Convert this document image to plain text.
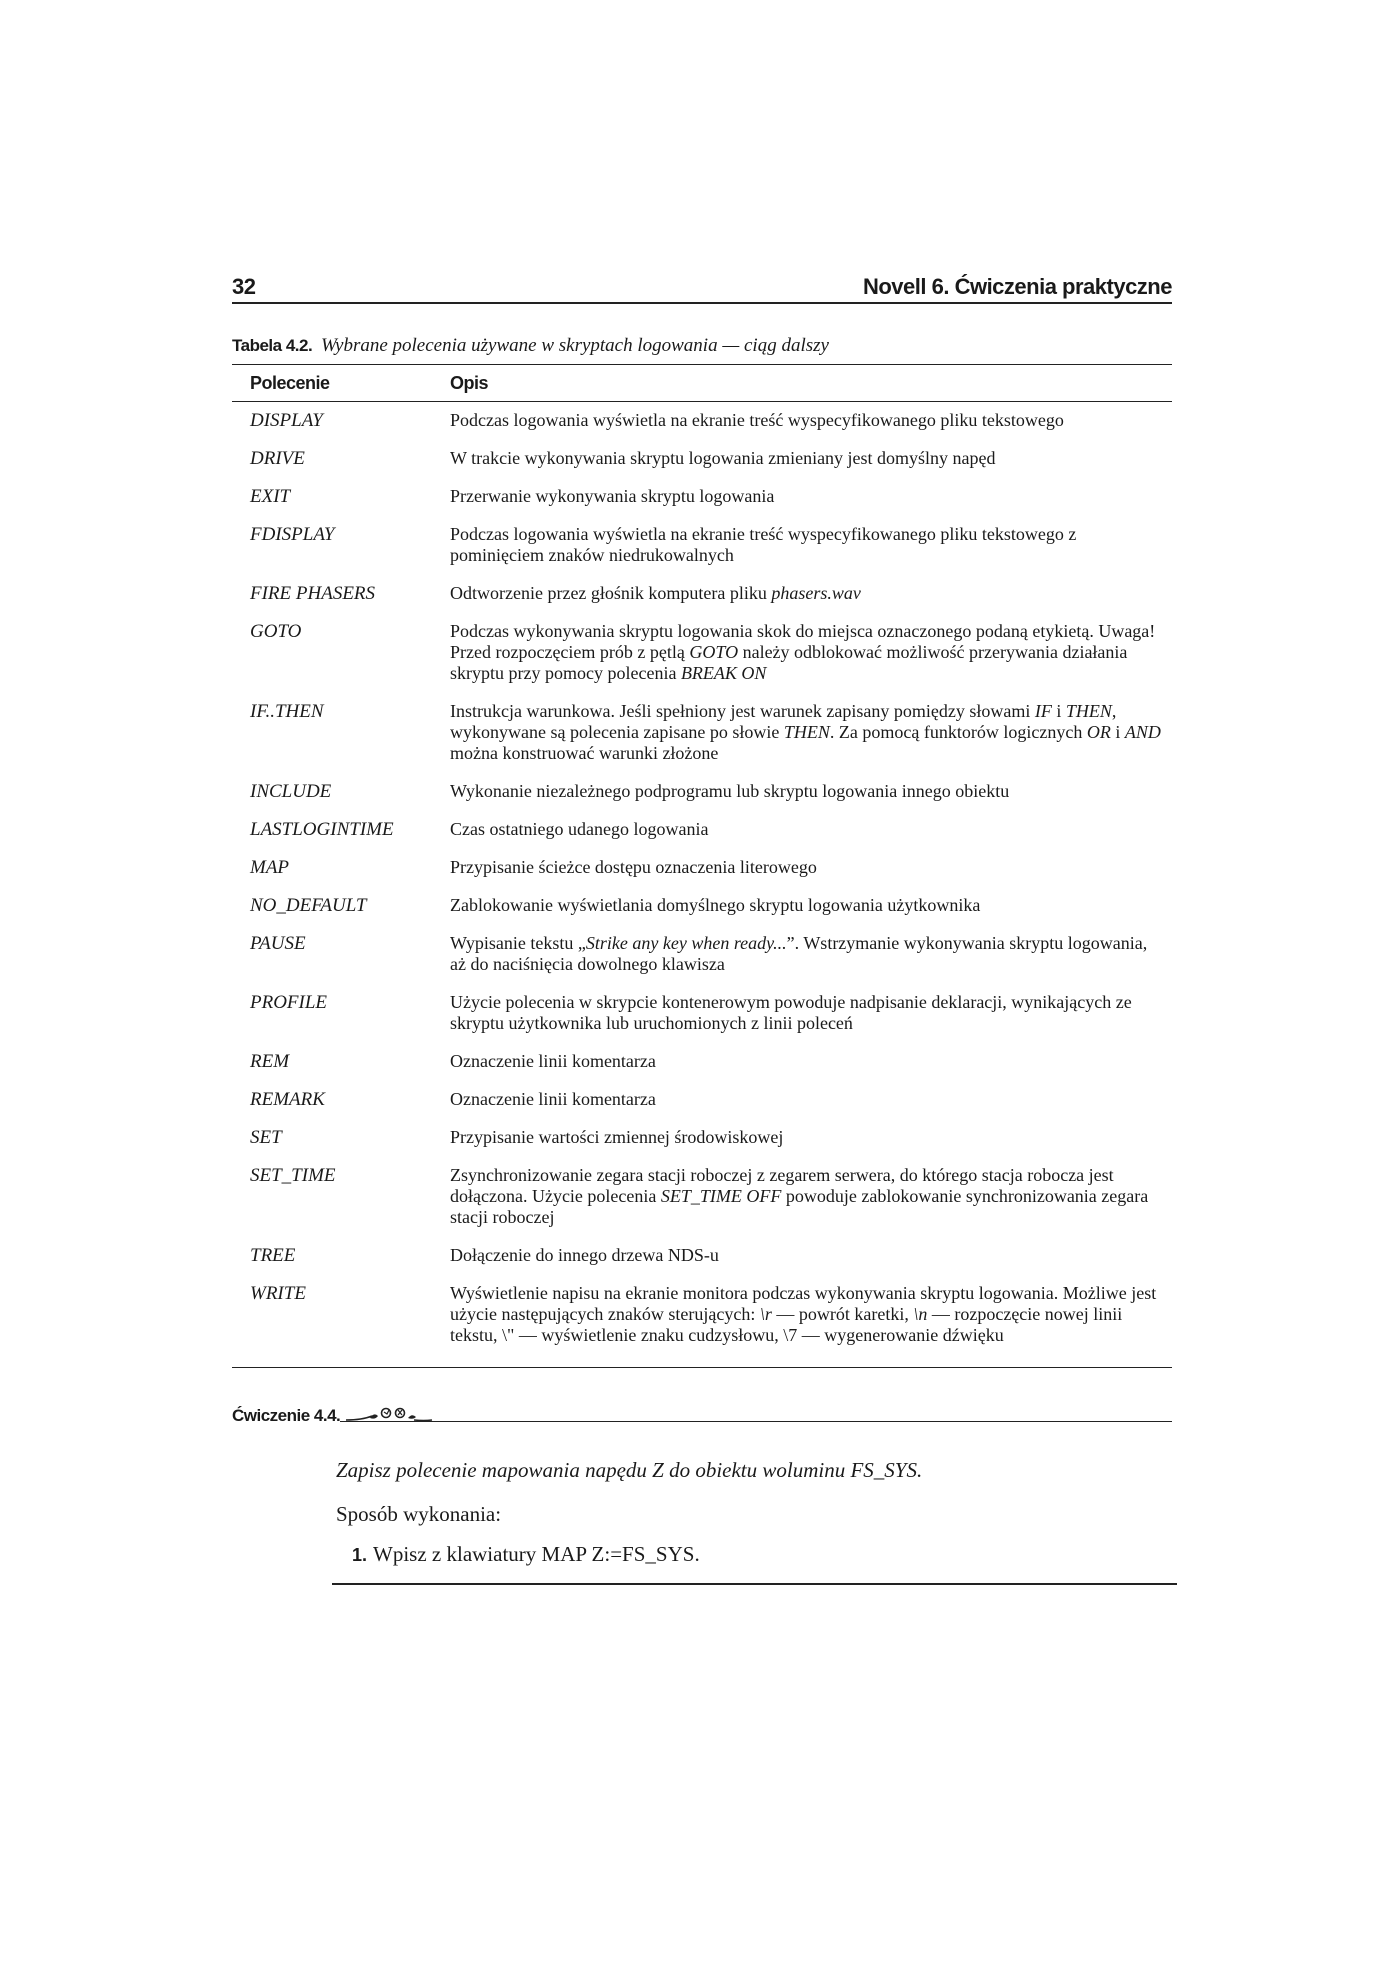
32	Novell 6. Ćwiczenia praktyczne
Tabela 4.2. Wybrane polecenia używane w skryptach logowania — ciąg dalszy
Polecenie	Opis
DISPLAY	Podczas logowania wyświetla na ekranie treść wyspecyfikowanego pliku tekstowego
DRIVE	W trakcie wykonywania skryptu logowania zmieniany jest domyślny napęd
EXIT	Przerwanie wykonywania skryptu logowania
FDISPLAY	Podczas logowania wyświetla na ekranie treść wyspecyfikowanego pliku tekstowego z pominięciem znaków niedrukowalnych
FIRE PHASERS	Odtworzenie przez głośnik komputera pliku phasers.wav
GOTO	Podczas wykonywania skryptu logowania skok do miejsca oznaczonego podaną etykietą. Uwaga! Przed rozpoczęciem prób z pętlą GOTO należy odblokować możliwość przerywania działania skryptu przy pomocy polecenia BREAK ON
IF..THEN	Instrukcja warunkowa. Jeśli spełniony jest warunek zapisany pomiędzy słowami IF i THEN, wykonywane są polecenia zapisane po słowie THEN. Za pomocą funktorów logicznych OR i AND można konstruować warunki złożone
INCLUDE	Wykonanie niezależnego podprogramu lub skryptu logowania innego obiektu
LASTLOGINTIME	Czas ostatniego udanego logowania
MAP	Przypisanie ścieżce dostępu oznaczenia literowego
NO_DEFAULT	Zablokowanie wyświetlania domyślnego skryptu logowania użytkownika
PAUSE	Wypisanie tekstu „Strike any key when ready...”. Wstrzymanie wykonywania skryptu logowania, aż do naciśnięcia dowolnego klawisza
PROFILE	Użycie polecenia w skrypcie kontenerowym powoduje nadpisanie deklaracji, wynikających ze skryptu użytkownika lub uruchomionych z linii poleceń
REM	Oznaczenie linii komentarza
REMARK	Oznaczenie linii komentarza
SET	Przypisanie wartości zmiennej środowiskowej
SET_TIME	Zsynchronizowanie zegara stacji roboczej z zegarem serwera, do którego stacja robocza jest dołączona. Użycie polecenia SET_TIME OFF powoduje zablokowanie synchronizowania zegara stacji roboczej
TREE	Dołączenie do innego drzewa NDS-u
WRITE	Wyświetlenie napisu na ekranie monitora podczas wykonywania skryptu logowania. Możliwe jest użycie następujących znaków sterujących: \r — powrót karetki, \n — rozpoczęcie nowej linii tekstu, \" — wyświetlenie znaku cudzysłowu, \7 — wygenerowanie dźwięku
Ćwiczenie 4.4.
Zapisz polecenie mapowania napędu Z do obiektu woluminu FS_SYS.
Sposób wykonania:
1. Wpisz z klawiatury MAP Z:=FS_SYS.
